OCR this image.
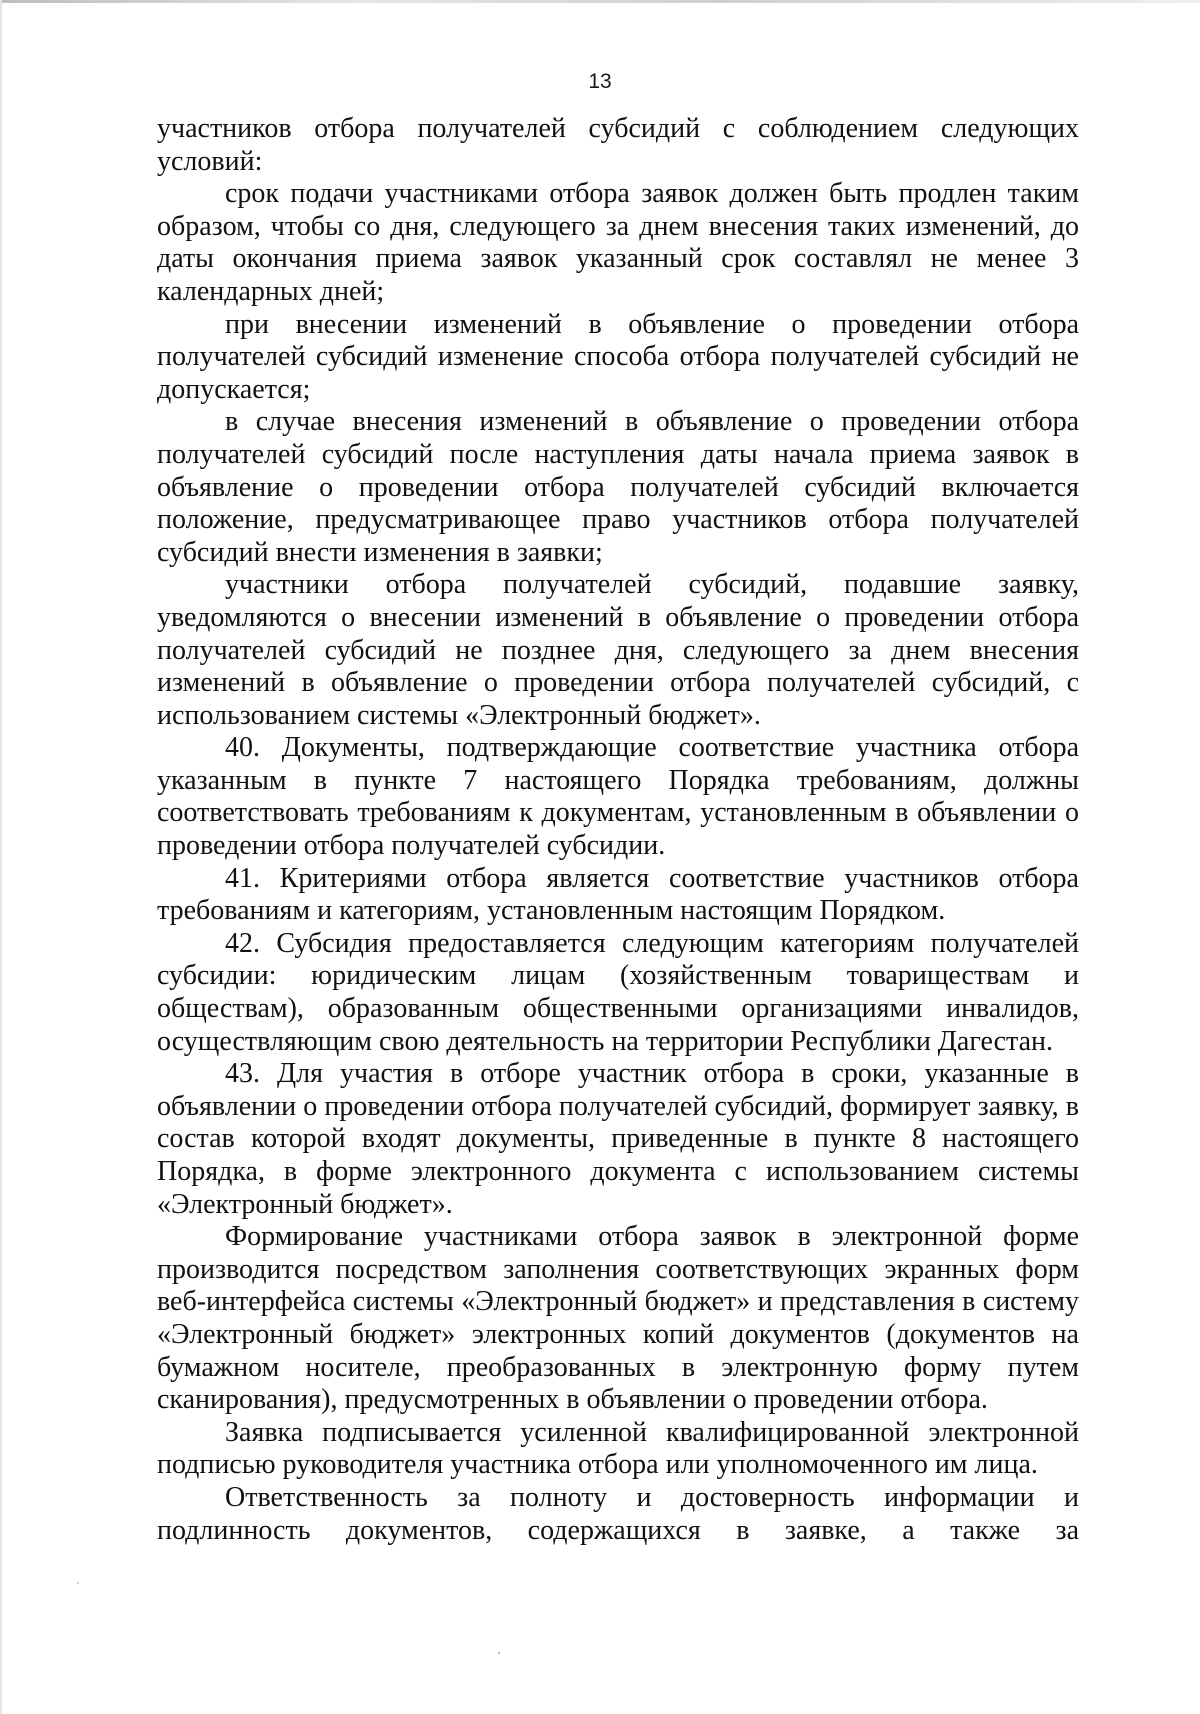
13

участников отбора получателей субсидий с соблюдением следующих условий:

срок подачи участниками отбора заявок должен быть продлен таким образом, чтобы со дня, следующего за днем внесения таких изменений, до даты окончания приема заявок указанный срок составлял не менее 3 календарных дней;

при внесении изменений в объявление о проведении отбора получателей субсидий изменение способа отбора получателей субсидий не допускается;

в случае внесения изменений в объявление о проведении отбора получателей субсидий после наступления даты начала приема заявок в объявление о проведении отбора получателей субсидий включается положение, предусматривающее право участников отбора получателей субсидий внести изменения в заявки;

участники отбора получателей субсидий, подавшие заявку, уведомляются о внесении изменений в объявление о проведении отбора получателей субсидий не позднее дня, следующего за днем внесения изменений в объявление о проведении отбора получателей субсидий, с использованием системы «Электронный бюджет».

40. Документы, подтверждающие соответствие участника отбора указанным в пункте 7 настоящего Порядка требованиям, должны соответствовать требованиям к документам, установленным в объявлении о проведении отбора получателей субсидии.

41. Критериями отбора является соответствие участников отбора требованиям и категориям, установленным настоящим Порядком.

42. Субсидия предоставляется следующим категориям получателей субсидии: юридическим лицам (хозяйственным товариществам и обществам), образованным общественными организациями инвалидов, осуществляющим свою деятельность на территории Республики Дагестан.

43. Для участия в отборе участник отбора в сроки, указанные в объявлении о проведении отбора получателей субсидий, формирует заявку, в состав которой входят документы, приведенные в пункте 8 настоящего Порядка, в форме электронного документа с использованием системы «Электронный бюджет».

Формирование участниками отбора заявок в электронной форме производится посредством заполнения соответствующих экранных форм веб-интерфейса системы «Электронный бюджет» и представления в систему «Электронный бюджет» электронных копий документов (документов на бумажном носителе, преобразованных в электронную форму путем сканирования), предусмотренных в объявлении о проведении отбора.

Заявка подписывается усиленной квалифицированной электронной подписью руководителя участника отбора или уполномоченного им лица.

Ответственность за полноту и достоверность информации и подлинность документов, содержащихся в заявке, а также за
